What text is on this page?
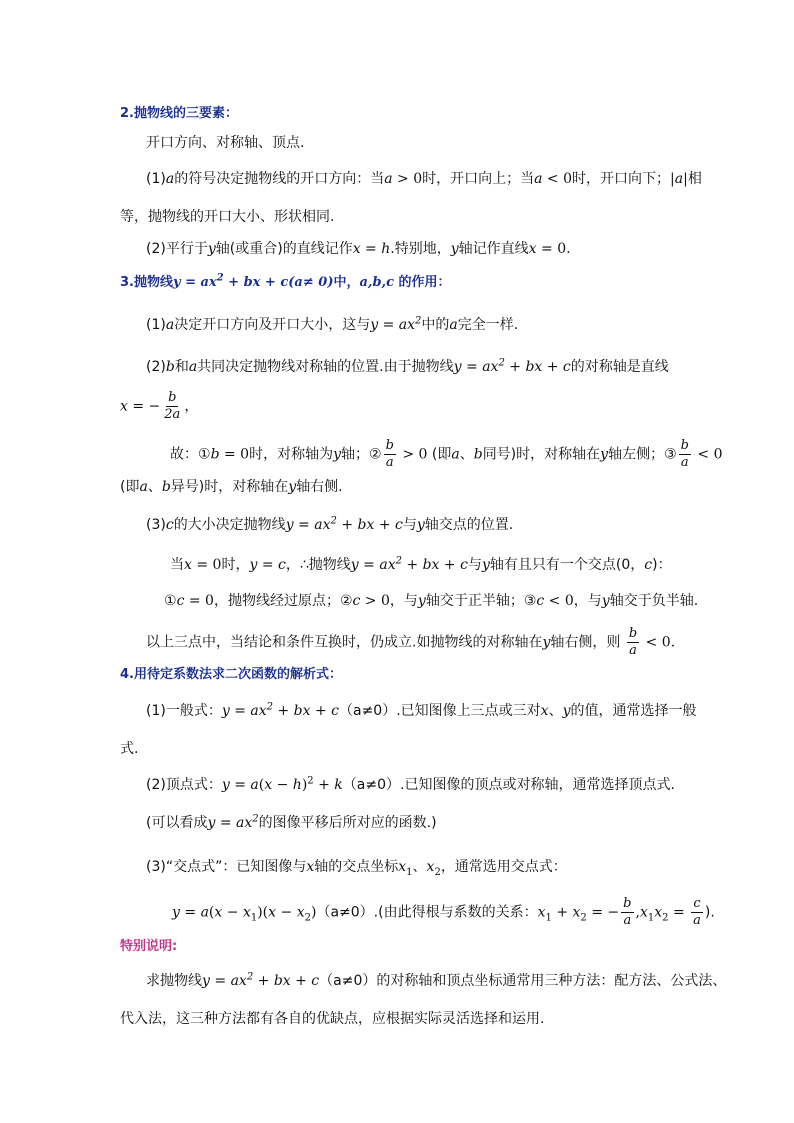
2.抛物线的三要素：
开口方向、对称轴、顶点.
(1)a的符号决定抛物线的开口方向：当a > 0时，开口向上；当a < 0时，开口向下；|a|相
等，抛物线的开口大小、形状相同.
(2)平行于y轴(或重合)的直线记作x = h.特别地，y轴记作直线x = 0.
3.抛物线$y = ax^2$ + bx + c(a≠ 0)中，a,b,c 的作用：
(1)a决定开口方向及开口大小，这与$y = ax^2$中的a完全一样.
(2)b和a共同决定抛物线对称轴的位置.由于抛物线$y = ax^2$ + bx + c的对称轴是直线
x = − $\frac{b}{2a}$ ，
故：①b = 0时，对称轴为y轴；② $\frac{b}{a} > 0$ (即a、b同号)时，对称轴在y轴左侧；③ $\frac{b}{a} < 0$
(即a、b异号)时，对称轴在y轴右侧.
(3)c的大小决定抛物线$y = ax^2$ + bx + c与y轴交点的位置.
当x = 0时，y = c，∴抛物线$y = ax^2$ + bx + c与y轴有且只有一个交点(0，c)：
①c = 0，抛物线经过原点；②c > 0，与y轴交于正半轴；③c < 0，与y轴交于负半轴.
以上三点中，当结论和条件互换时，仍成立.如抛物线的对称轴在y轴右侧，则 $\frac{b}{a} < 0$.
4.用待定系数法求二次函数的解析式：
(1)一般式：$y = ax^2$ + bx + c（a≠0）.已知图像上三点或三对x、y的值，通常选择一般
式.
(2)顶点式：$y = a(x - h)^2 + k(a\ne 0)$.已知图像的顶点或对称轴，通常选择顶点式.
(可以看成$y = ax^2$的图像平移后所对应的函数.)
(3)“交点式”：已知图像与x轴的交点坐标$x_1$、$x_2$，通常选用交点式：
$y = a(x - x_1)(x - x_2)(a\ne 0)$.(由此得根与系数的关系：$x_1 + x_2$ = − $\frac{b}{a} ,x_1x_2 = \frac{c}{a}$ ).
特别说明:
求抛物线$y = ax^2$ + bx + c（a≠0）的对称轴和顶点坐标通常用三种方法：配方法、公式法、
代入法，这三种方法都有各自的优缺点，应根据实际灵活选择和运用.
